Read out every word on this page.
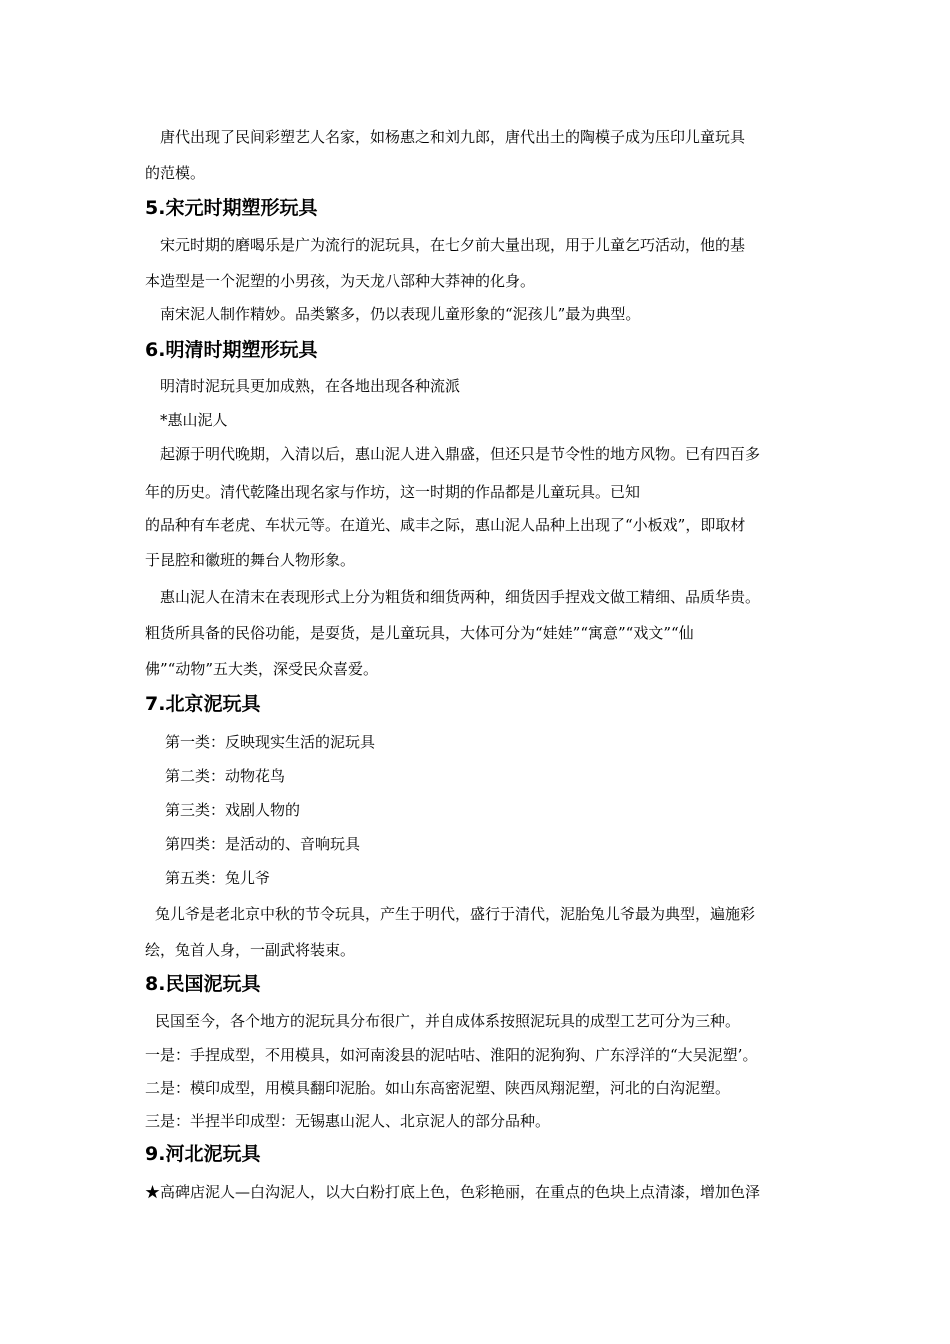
唐代出现了民间彩塑艺人名家，如杨惠之和刘九郎，唐代出土的陶模子成为压印儿童玩具

的范模。

5.宋元时期塑形玩具

宋元时期的磨喝乐是广为流行的泥玩具，在七夕前大量出现，用于儿童乞巧活动，他的基

本造型是一个泥塑的小男孩，为天龙八部种大莽神的化身。

南宋泥人制作精妙。品类繁多，仍以表现儿童形象的“泥孩儿”最为典型。

6.明清时期塑形玩具

明清时泥玩具更加成熟，在各地出现各种流派

*惠山泥人

起源于明代晚期，入清以后，惠山泥人进入鼎盛，但还只是节令性的地方风物。已有四百多

年的历史。清代乾隆出现名家与作坊，这一时期的作品都是儿童玩具。已知

的品种有车老虎、车状元等。在道光、咸丰之际，惠山泥人品种上出现了“小板戏”，即取材

于昆腔和徽班的舞台人物形象。

惠山泥人在清末在表现形式上分为粗货和细货两种，细货因手捏戏文做工精细、品质华贵。

粗货所具备的民俗功能，是耍货，是儿童玩具，大体可分为“娃娃”“寓意”“戏文”“仙

佛”“动物”五大类，深受民众喜爱。

7.北京泥玩具

第一类：反映现实生活的泥玩具

第二类：动物花鸟

第三类：戏剧人物的

第四类：是活动的、音响玩具

第五类：兔儿爷

兔儿爷是老北京中秋的节令玩具，产生于明代，盛行于清代，泥胎兔儿爷最为典型，遍施彩

绘，兔首人身，一副武将装束。

8.民国泥玩具

民国至今，各个地方的泥玩具分布很广，并自成体系按照泥玩具的成型工艺可分为三种。

一是：手捏成型，不用模具，如河南浚县的泥咕咕、淮阳的泥狗狗、广东浮洋的“大吴泥塑’。

二是：模印成型，用模具翻印泥胎。如山东高密泥塑、陕西凤翔泥塑，河北的白沟泥塑。

三是：半捏半印成型：无锡惠山泥人、北京泥人的部分品种。

9.河北泥玩具

★高碑店泥人—白沟泥人，以大白粉打底上色，色彩艳丽，在重点的色块上点清漆，增加色泽
